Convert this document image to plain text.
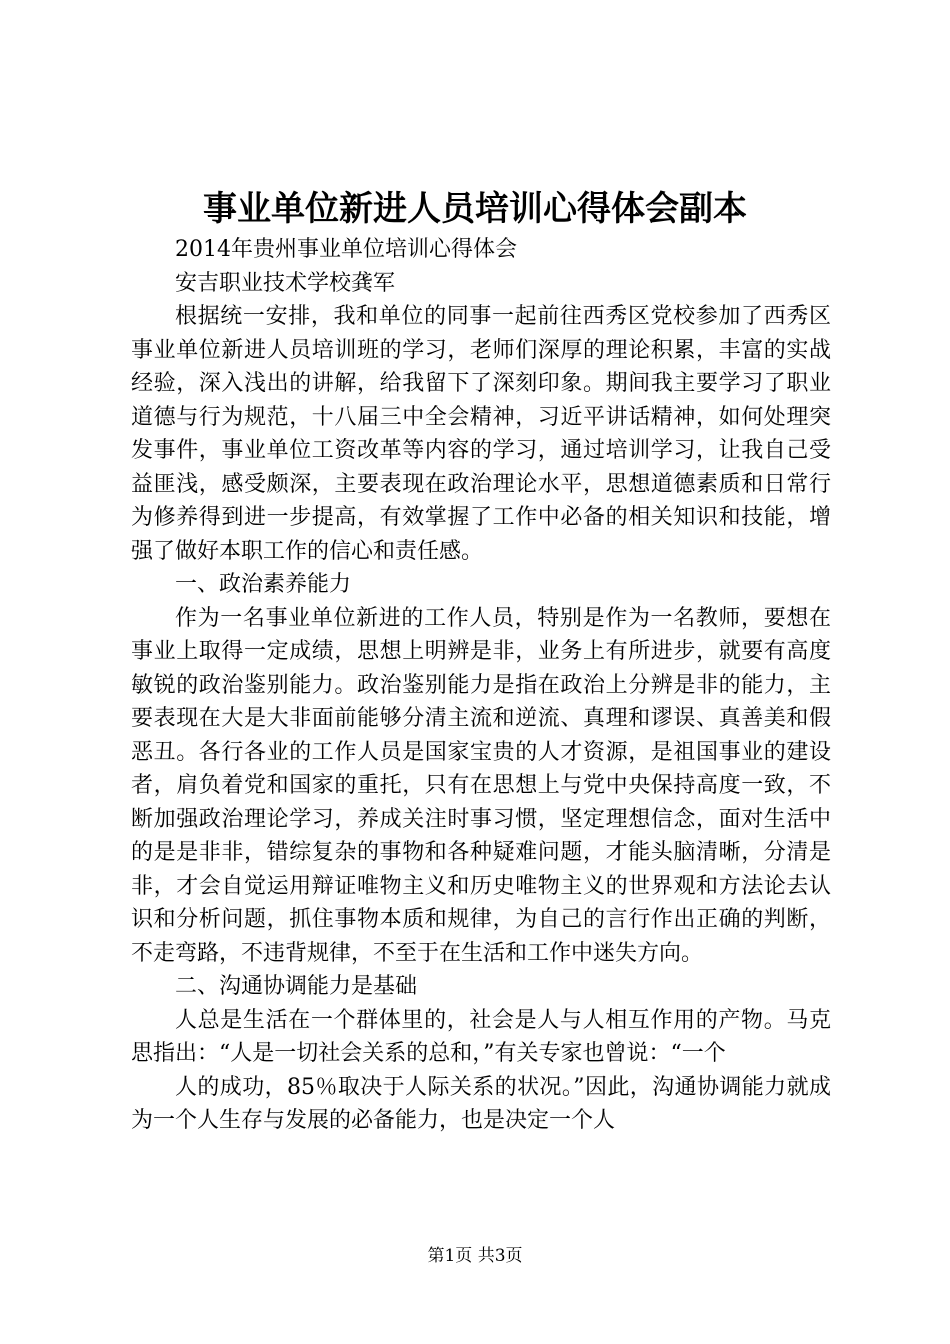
事业单位新进人员培训心得体会副本

2014年贵州事业单位培训心得体会

安吉职业技术学校龚军

根据统一安排，我和单位的同事一起前往西秀区党校参加了西秀区事业单位新进人员培训班的学习，老师们深厚的理论积累，丰富的实战经验，深入浅出的讲解，给我留下了深刻印象。期间我主要学习了职业道德与行为规范，十八届三中全会精神，习近平讲话精神，如何处理突发事件，事业单位工资改革等内容的学习，通过培训学习，让我自己受益匪浅，感受颇深，主要表现在政治理论水平，思想道德素质和日常行为修养得到进一步提高，有效掌握了工作中必备的相关知识和技能，增强了做好本职工作的信心和责任感。

一、政治素养能力

作为一名事业单位新进的工作人员，特别是作为一名教师，要想在事业上取得一定成绩，思想上明辨是非，业务上有所进步，就要有高度敏锐的政治鉴别能力。政治鉴别能力是指在政治上分辨是非的能力，主要表现在大是大非面前能够分清主流和逆流、真理和谬误、真善美和假恶丑。各行各业的工作人员是国家宝贵的人才资源，是祖国事业的建设者，肩负着党和国家的重托，只有在思想上与党中央保持高度一致，不断加强政治理论学习，养成关注时事习惯，坚定理想信念，面对生活中的是是非非，错综复杂的事物和各种疑难问题，才能头脑清晰，分清是非，才会自觉运用辩证唯物主义和历史唯物主义的世界观和方法论去认识和分析问题，抓住事物本质和规律，为自己的言行作出正确的判断，不走弯路，不违背规律，不至于在生活和工作中迷失方向。

二、沟通协调能力是基础

人总是生活在一个群体里的，社会是人与人相互作用的产物。马克思指出：“人是一切社会关系的总和，”有关专家也曾说：“一个

人的成功，85％取决于人际关系的状况。”因此，沟通协调能力就成为一个人生存与发展的必备能力，也是决定一个人

第1页 共3页
